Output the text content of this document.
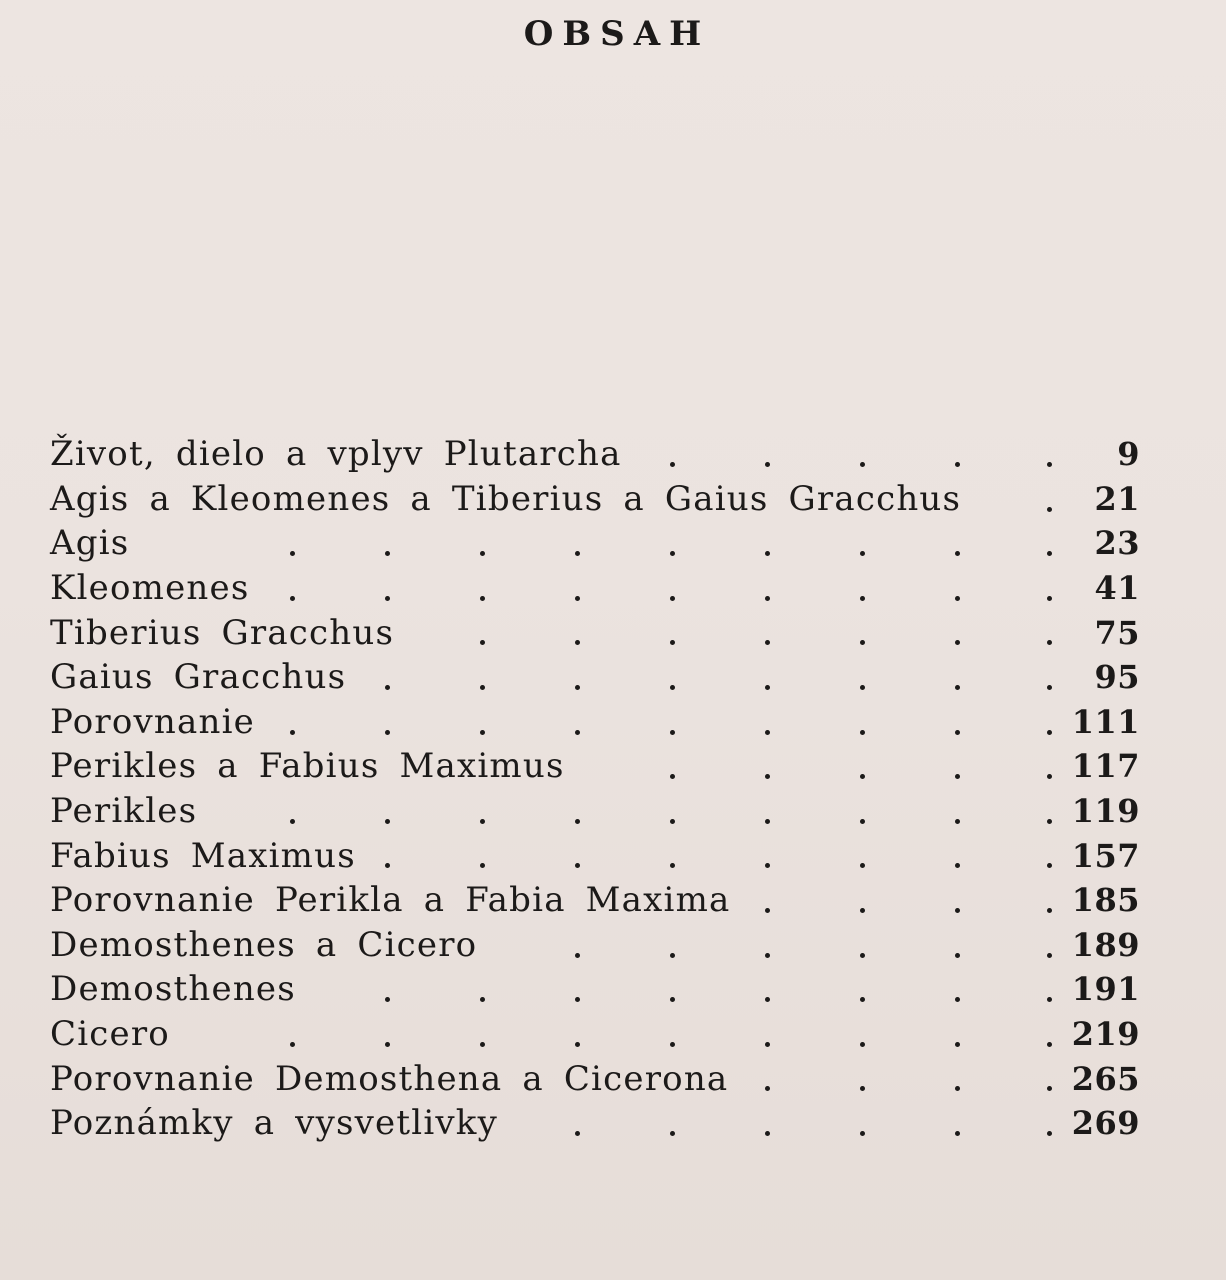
OBSAH
Život, dielo a vplyv Plutarcha	9
Agis a Kleomenes a Tiberius a Gaius Gracchus	21
Agis	23
Kleomenes	41
Tiberius Gracchus	75
Gaius Gracchus	95
Porovnanie	111
Perikles a Fabius Maximus	117
Perikles	119
Fabius Maximus	157
Porovnanie Perikla a Fabia Maxima	185
Demosthenes a Cicero	189
Demosthenes	191
Cicero	219
Porovnanie Demosthena a Cicerona	265
Poznámky a vysvetlivky	269
